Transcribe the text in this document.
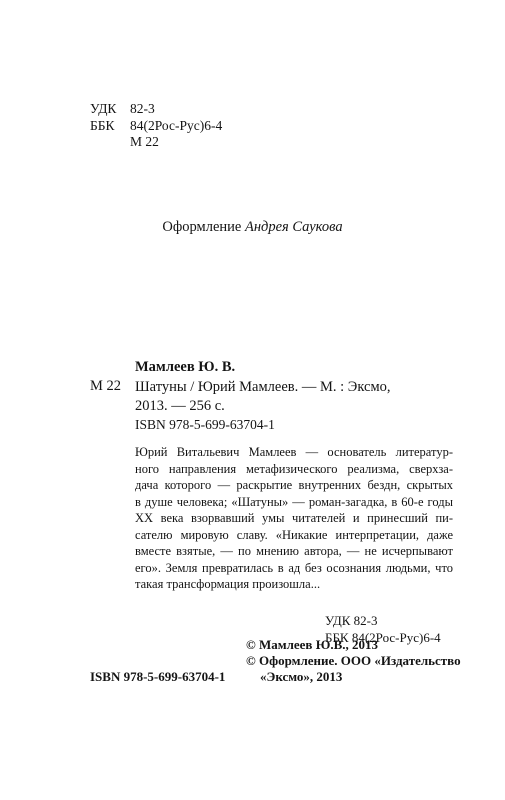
УДК	82-3
ББК	84(2Рос-Рус)6-4
М 22
Оформление Андрея Саукова
Мамлеев Ю. В.
М 22 Шатуны / Юрий Мамлеев. — М. : Эксмо,
2013. — 256 с.
ISBN 978-5-699-63704-1
Юрий Витальевич Мамлеев — основатель литератур-
ного направления метафизического реализма, сверхза-
дача которого — раскрытие внутренних бездн, скрытых
в душе человека; «Шатуны» — роман-загадка, в 60-е годы
XX века взорвавший умы читателей и принесший пи-
сателю мировую славу. «Никакие интерпретации, даже
вместе взятые, — по мнению автора, — не исчерпывают
его». Земля превратилась в ад без осознания людьми, что
такая трансформация произошла...
УДК 82-3
ББК 84(2Рос-Рус)6-4
© Мамлеев Ю.В., 2013
© Оформление. ООО «Издательство
«Эксмо», 2013
ISBN 978-5-699-63704-1
